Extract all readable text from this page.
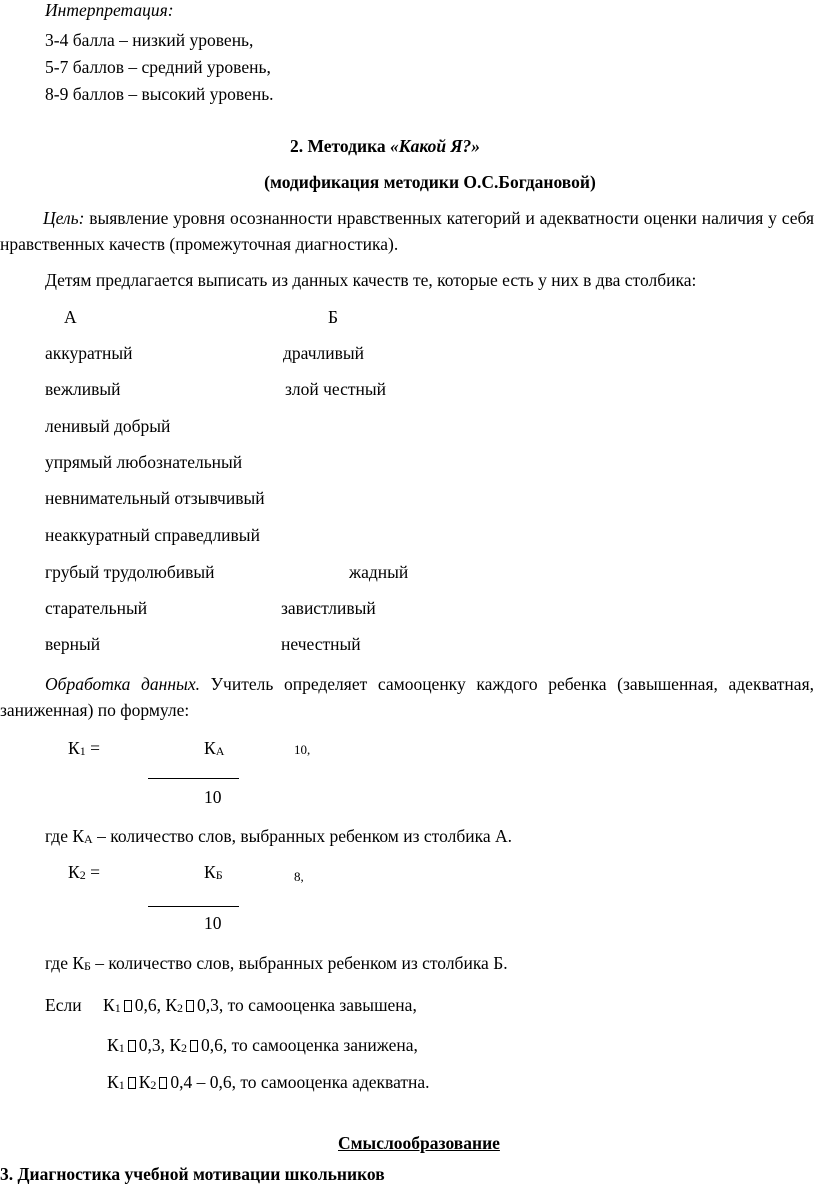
Интерпретация:
3-4 балла – низкий уровень,
5-7 баллов – средний уровень,
8-9 баллов – высокий уровень.
2. Методика «Какой Я?»
(модификация методики О.С.Богдановой)
Цель: выявление уровня осознанности нравственных категорий и адекватности оценки наличия у себя нравственных качеств (промежуточная диагностика).
Детям предлагается выписать из данных качеств те, которые есть у них в два столбика:
А	Б
аккуратный	драчливый
вежливый	злой честный
ленивый добрый
упрямый любознательный
невнимательный отзывчивый
неаккуратный справедливый
грубый трудолюбивый	жадный
старательный	завистливый
верный	нечестный
Обработка данных. Учитель определяет самооценку каждого ребенка (завышенная, адекватная, заниженная) по формуле:
К1 =	КА	10,
10
где КА – количество слов, выбранных ребенком из столбика А.
К2 =	КБ	8,
10
где КБ – количество слов, выбранных ребенком из столбика Б.
Если К1 0,6, К2 0,3, то самооценка завышена,
К1 0,3, К2 0,6, то самооценка занижена,
К1 К2 0,4 – 0,6, то самооценка адекватна.
Смыслообразование
3. Диагностика учебной мотивации школьников
